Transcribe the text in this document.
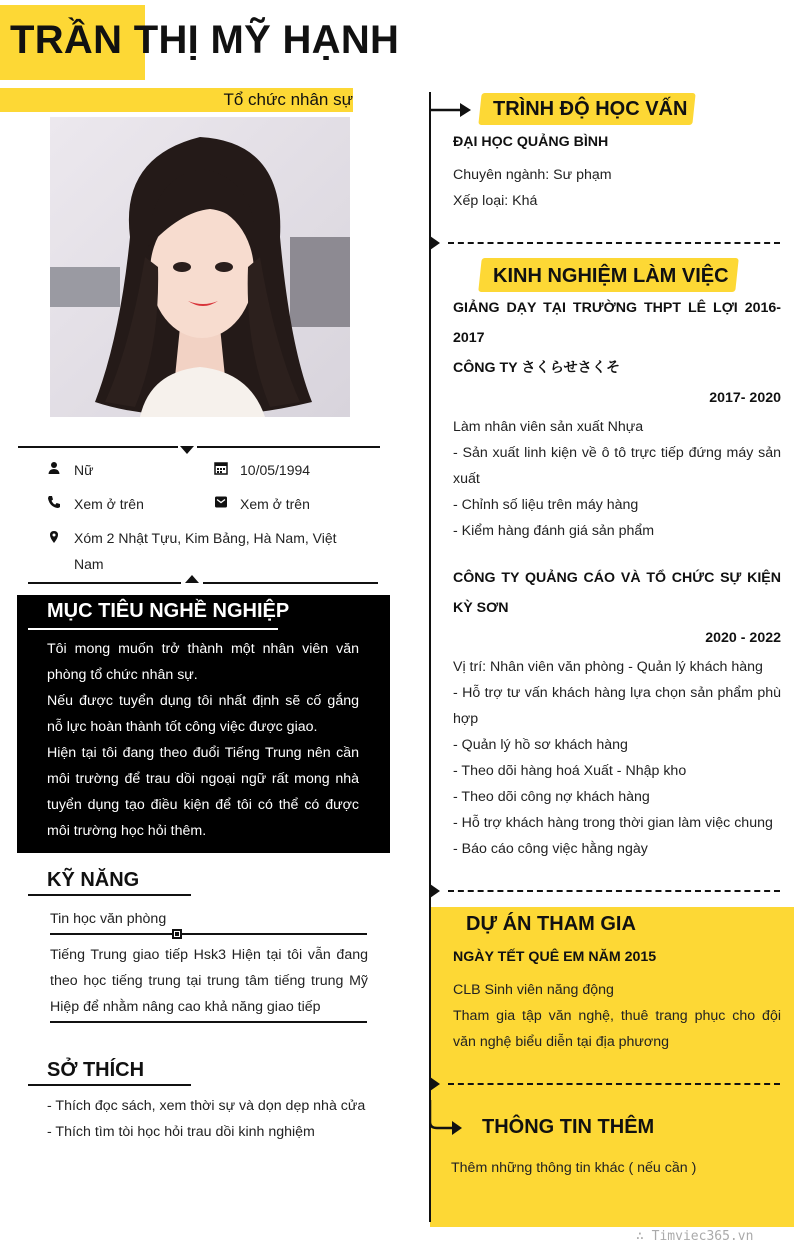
TRẦN THỊ MỸ HẠNH
Tổ chức nhân sự
Nữ	10/05/1994
Xem ở trên	Xem ở trên
Xóm 2 Nhật Tựu, Kim Bảng, Hà Nam, Việt Nam
MỤC TIÊU NGHỀ NGHIỆP
Tôi mong muốn trở thành một nhân viên văn phòng tổ chức nhân sự.
Nếu được tuyển dụng tôi nhất định sẽ cố gắng nỗ lực hoàn thành tốt công việc được giao.
Hiện tại tôi đang theo đuổi Tiếng Trung nên cần môi trường để trau dồi ngoại ngữ rất mong nhà tuyển dụng tạo điều kiện để tôi có thể có được môi trường học hỏi thêm.
KỸ NĂNG
Tin học văn phòng
Tiếng Trung giao tiếp Hsk3 Hiện tại tôi vẫn đang theo học tiếng trung tại trung tâm tiếng trung Mỹ Hiệp để nhằm nâng cao khả năng giao tiếp
SỞ THÍCH
- Thích đọc sách, xem thời sự và dọn dẹp nhà cửa
- Thích tìm tòi học hỏi trau dồi kinh nghiệm
TRÌNH ĐỘ HỌC VẤN
ĐẠI HỌC QUẢNG BÌNH
Chuyên ngành: Sư phạm
Xếp loại: Khá
KINH NGHIỆM LÀM VIỆC
GIẢNG DẠY TẠI TRƯỜNG THPT LÊ LỢI 2016-2017
CÔNG TY さくらせさくそ
2017- 2020
Làm nhân viên sản xuất Nhựa
- Sản xuất linh kiện về ô tô trực tiếp đứng máy sản xuất
- Chỉnh số liệu trên máy hàng
- Kiểm hàng đánh giá sản phẩm
CÔNG TY QUẢNG CÁO VÀ TỔ CHỨC SỰ KIỆN KỲ SƠN
2020 - 2022
Vị trí: Nhân viên văn phòng - Quản lý khách hàng
- Hỗ trợ tư vấn khách hàng lựa chọn sản phẩm phù hợp
- Quản lý hồ sơ khách hàng
- Theo dõi hàng hoá Xuất - Nhập kho
- Theo dõi công nợ khách hàng
- Hỗ trợ khách hàng trong thời gian làm việc chung
- Báo cáo công việc hằng ngày
DỰ ÁN THAM GIA
NGÀY TẾT QUÊ EM NĂM 2015
CLB Sinh viên năng động
Tham gia tập văn nghệ, thuê trang phục cho đội văn nghệ biểu diễn tại địa phương
THÔNG TIN THÊM
Thêm những thông tin khác ( nếu cần )
∴ Timviec365.vn
